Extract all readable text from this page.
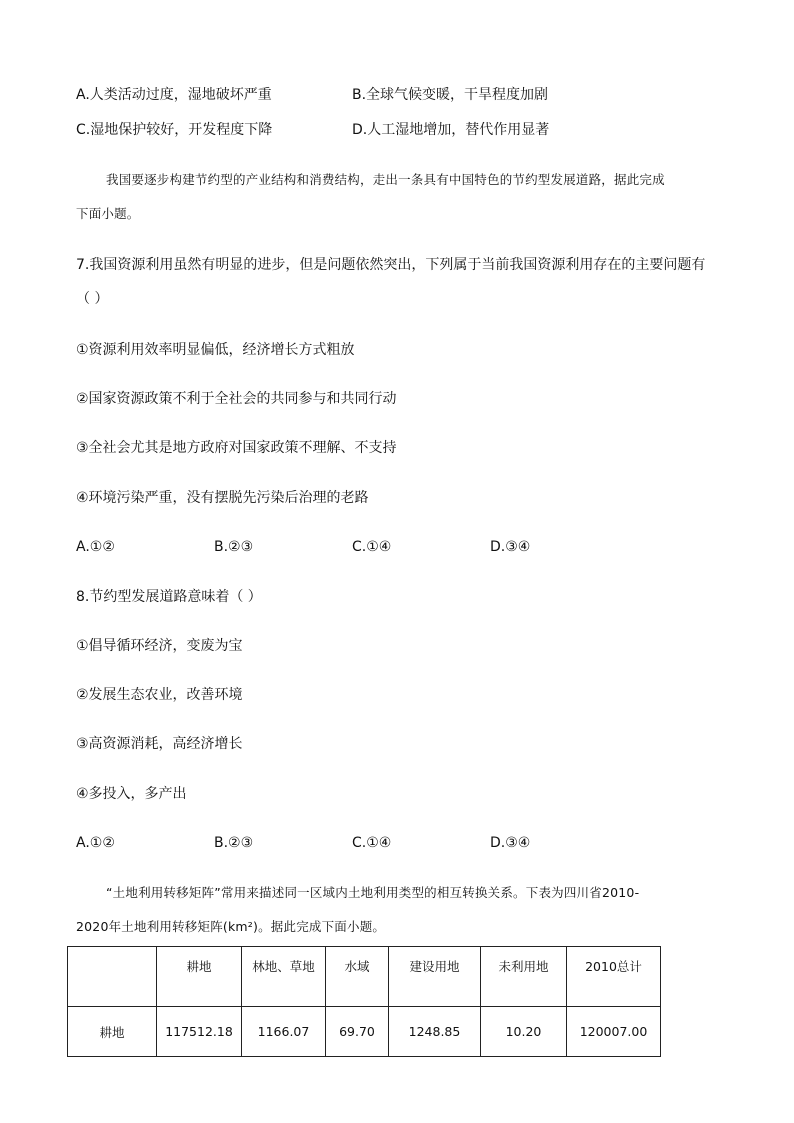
A.人类活动过度，湿地破坏严重	B.全球气候变暖，干旱程度加剧
C.湿地保护较好，开发程度下降	D.人工湿地增加，替代作用显著
我国要逐步构建节约型的产业结构和消费结构，走出一条具有中国特色的节约型发展道路，据此完成
下面小题。
7.我国资源利用虽然有明显的进步，但是问题依然突出，下列属于当前我国资源利用存在的主要问题有
（ ）
①资源利用效率明显偏低，经济增长方式粗放
②国家资源政策不利于全社会的共同参与和共同行动
③全社会尤其是地方政府对国家政策不理解、不支持
④环境污染严重，没有摆脱先污染后治理的老路
A.①②	B.②③	C.①④	D.③④
8.节约型发展道路意味着（ ）
①倡导循环经济，变废为宝
②发展生态农业，改善环境
③高资源消耗，高经济增长
④多投入，多产出
A.①②	B.②③	C.①④	D.③④
“土地利用转移矩阵”常用来描述同一区域内土地利用类型的相互转换关系。下表为四川省2010-
2020年土地利用转移矩阵(km²)。据此完成下面小题。
	耕地	林地、草地	水域	建设用地	未利用地	2010总计
耕地	117512.18	1166.07	69.70	1248.85	10.20	120007.00
